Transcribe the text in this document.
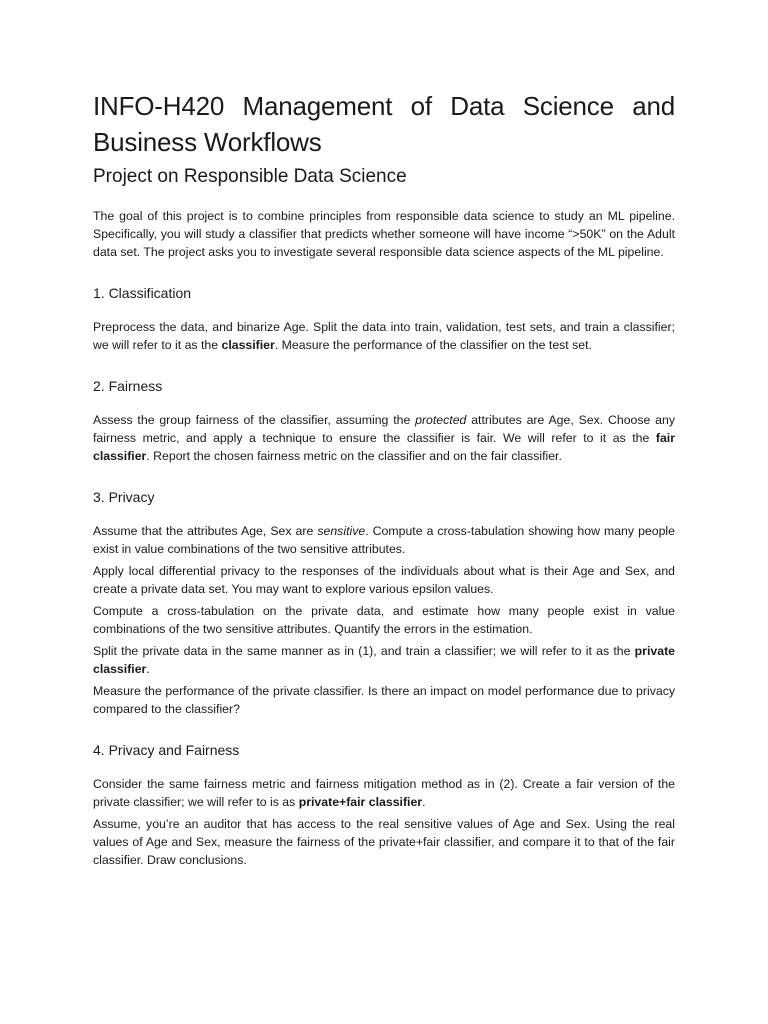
INFO-H420 Management of Data Science and Business Workflows
Project on Responsible Data Science

The goal of this project is to combine principles from responsible data science to study an ML pipeline. Specifically, you will study a classifier that predicts whether someone will have income “>50K” on the Adult data set. The project asks you to investigate several responsible data science aspects of the ML pipeline.

1. Classification

Preprocess the data, and binarize Age. Split the data into train, validation, test sets, and train a classifier; we will refer to it as the classifier. Measure the performance of the classifier on the test set.

2. Fairness

Assess the group fairness of the classifier, assuming the protected attributes are Age, Sex. Choose any fairness metric, and apply a technique to ensure the classifier is fair. We will refer to it as the fair classifier. Report the chosen fairness metric on the classifier and on the fair classifier.

3. Privacy

Assume that the attributes Age, Sex are sensitive. Compute a cross-tabulation showing how many people exist in value combinations of the two sensitive attributes.

Apply local differential privacy to the responses of the individuals about what is their Age and Sex, and create a private data set. You may want to explore various epsilon values.

Compute a cross-tabulation on the private data, and estimate how many people exist in value combinations of the two sensitive attributes. Quantify the errors in the estimation.

Split the private data in the same manner as in (1), and train a classifier; we will refer to it as the private classifier.

Measure the performance of the private classifier. Is there an impact on model performance due to privacy compared to the classifier?

4. Privacy and Fairness

Consider the same fairness metric and fairness mitigation method as in (2). Create a fair version of the private classifier; we will refer to is as private+fair classifier.

Assume, you’re an auditor that has access to the real sensitive values of Age and Sex. Using the real values of Age and Sex, measure the fairness of the private+fair classifier, and compare it to that of the fair classifier. Draw conclusions.
